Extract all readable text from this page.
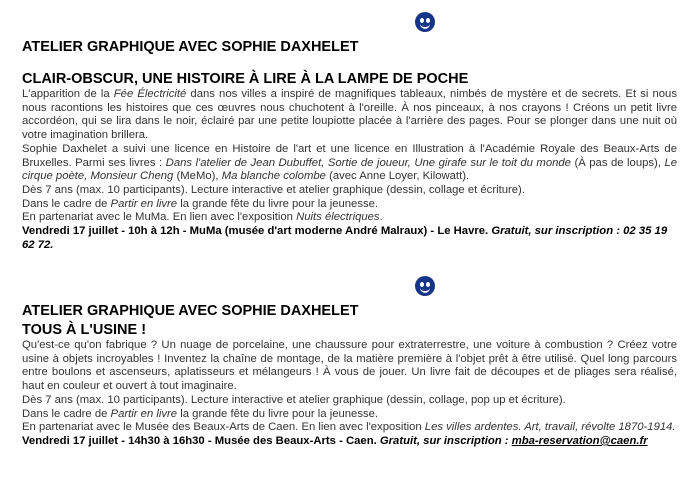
ATELIER GRAPHIQUE AVEC SOPHIE DAXHELET
CLAIR-OBSCUR, UNE HISTOIRE À LIRE À LA LAMPE DE POCHE

L'apparition de la Fée Électricité dans nos villes a inspiré de magnifiques tableaux, nimbés de mystère et de secrets. Et si nous nous racontions les histoires que ces œuvres nous chuchotent à l'oreille. À nos pinceaux, à nos crayons ! Créons un petit livre accordéon, qui se lira dans le noir, éclairé par une petite loupiotte placée à l'arrière des pages. Pour se plonger dans une nuit où votre imagination brillera.

Sophie Daxhelet a suivi une licence en Histoire de l'art et une licence en Illustration à l'Académie Royale des Beaux-Arts de Bruxelles. Parmi ses livres : Dans l'atelier de Jean Dubuffet, Sortie de joueur, Une girafe sur le toit du monde (À pas de loups), Le cirque poète, Monsieur Cheng (MeMo), Ma blanche colombe (avec Anne Loyer, Kilowatt).

Dès 7 ans (max. 10 participants). Lecture interactive et atelier graphique (dessin, collage et écriture).

Dans le cadre de Partir en livre la grande fête du livre pour la jeunesse.

En partenariat avec le MuMa. En lien avec l'exposition Nuits électriques.

Vendredi 17 juillet - 10h à 12h - MuMa (musée d'art moderne André Malraux) - Le Havre. Gratuit, sur inscription : 02 35 19 62 72.

ATELIER GRAPHIQUE AVEC SOPHIE DAXHELET
TOUS À L'USINE !

Qu'est-ce qu'on fabrique ? Un nuage de porcelaine, une chaussure pour extraterrestre, une voiture à combustion ? Créez votre usine à objets incroyables ! Inventez la chaîne de montage, de la matière première à l'objet prêt à être utilisé. Quel long parcours entre boulons et ascenseurs, aplatisseurs et mélangeurs ! À vous de jouer. Un livre fait de découpes et de pliages sera réalisé, haut en couleur et ouvert à tout imaginaire.

Dès 7 ans (max. 10 participants). Lecture interactive et atelier graphique (dessin, collage, pop up et écriture).

Dans le cadre de Partir en livre la grande fête du livre pour la jeunesse.

En partenariat avec le Musée des Beaux-Arts de Caen. En lien avec l'exposition Les villes ardentes. Art, travail, révolte 1870-1914.

Vendredi 17 juillet - 14h30 à 16h30 - Musée des Beaux-Arts - Caen. Gratuit, sur inscription : mba-reservation@caen.fr
